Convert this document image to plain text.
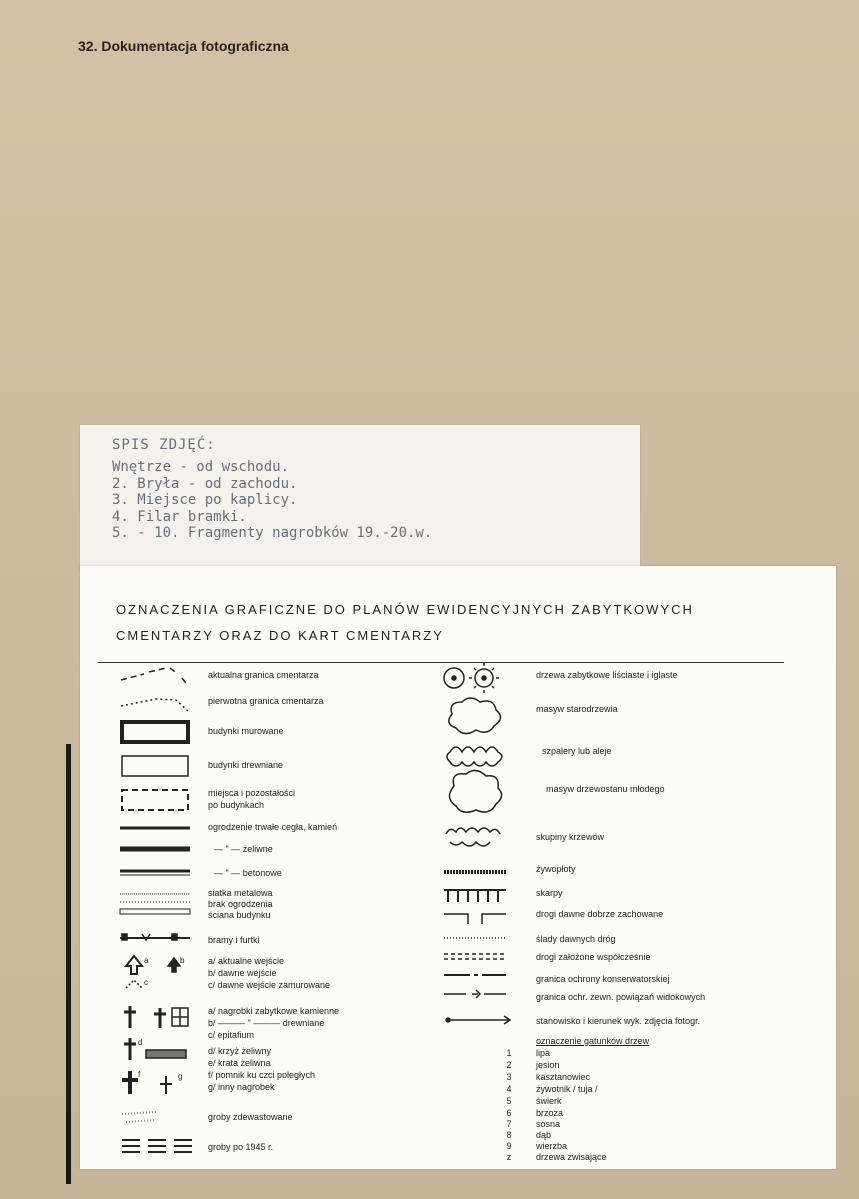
32. Dokumentacja fotograficzna
SPIS ZDJĘĆ:
Wnętrze - od wschodu.
2. Bryła - od zachodu.
3. Miejsce po kaplicy.
4. Filar bramki.
5. - 10. Fragmenty nagrobków 19.-20.w.
OZNACZENIA GRAFICZNE DO PLANÓW EWIDENCYJNYCH ZABYTKOWYCH
CMENTARZY ORAZ DO KART CMENTARZY
a	b
c
d
f	g
aktualna granica cmentarza
pierwotna granica cmentarza
budynki murowane
budynki drewniane
miejsca i pozostałości
po budynkach
ogrodzenie trwałe cegła, kamień
— " — żeliwne
— " — betonowe
siatka metalowa
brak ogrodzenia
ściana budynku
bramy i furtki
a/ aktualne wejście
b/ dawne wejście
c/ dawne wejście zamurowane
a/ nagrobki zabytkowe kamienne
b/ ——— " ——— drewniane
c/ epitafium
d/ krzyż żeliwny
e/ krata żeliwna
f/ pomnik ku czci poległych
g/ inny nagrobek
groby zdewastowane
groby po 1945 r.
drzewa zabytkowe liściaste i iglaste
masyw starodrzewia
szpalery lub aleje
masyw drzewostanu młodego
skupiny krzewów
żywopłoty
skarpy
drogi dawne dobrze zachowane
ślady dawnych dróg
drogi założone współcześnie
granica ochrony konserwatorskiej
granica ochr. zewn. powiązań widokowych
stanowisko i kierunek wyk. zdjęcia fotogr.
oznaczenie gatunków drzew
1
2
3
4
5
6
7
8
9
z
lipa
jesion
kasztanowiec
żywotnik / tuja /
świerk
brzoza
sosna
dąb
wierzba
drzewa zwisające
